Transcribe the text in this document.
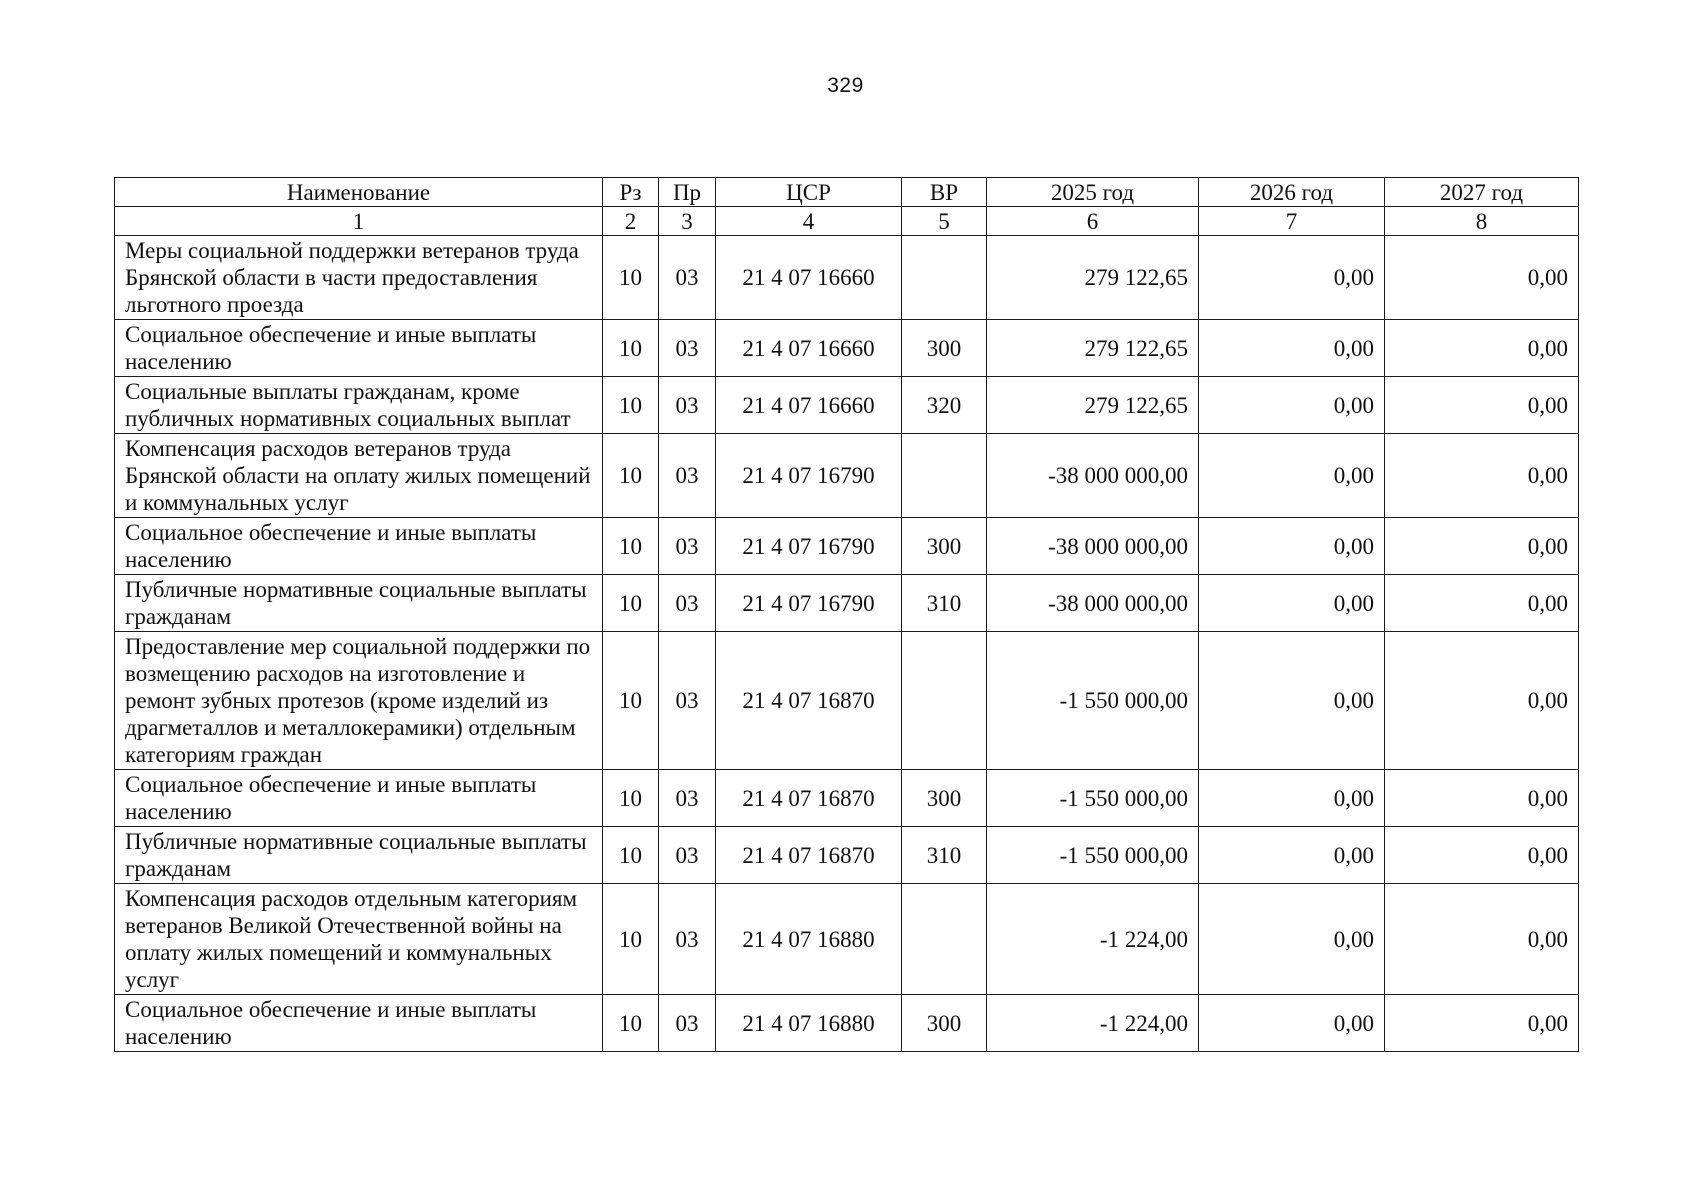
329
Наименование	Рз	Пр	ЦСР	ВР	2025 год	2026 год	2027 год
1	2	3	4	5	6	7	8
Меры социальной поддержки ветеранов труда Брянской области в части предоставления льготного проезда	10	03	21 4 07 16660		279 122,65	0,00	0,00
Социальное обеспечение и иные выплаты населению	10	03	21 4 07 16660	300	279 122,65	0,00	0,00
Социальные выплаты гражданам, кроме публичных нормативных социальных выплат	10	03	21 4 07 16660	320	279 122,65	0,00	0,00
Компенсация расходов ветеранов труда Брянской области на оплату жилых помещений и коммунальных услуг	10	03	21 4 07 16790		-38 000 000,00	0,00	0,00
Социальное обеспечение и иные выплаты населению	10	03	21 4 07 16790	300	-38 000 000,00	0,00	0,00
Публичные нормативные социальные выплаты гражданам	10	03	21 4 07 16790	310	-38 000 000,00	0,00	0,00
Предоставление мер социальной поддержки по возмещению расходов на изготовление и ремонт зубных протезов (кроме изделий из драгметаллов и металлокерамики) отдельным категориям граждан	10	03	21 4 07 16870		-1 550 000,00	0,00	0,00
Социальное обеспечение и иные выплаты населению	10	03	21 4 07 16870	300	-1 550 000,00	0,00	0,00
Публичные нормативные социальные выплаты гражданам	10	03	21 4 07 16870	310	-1 550 000,00	0,00	0,00
Компенсация расходов отдельным категориям ветеранов Великой Отечественной войны на оплату жилых помещений и коммунальных услуг	10	03	21 4 07 16880		-1 224,00	0,00	0,00
Социальное обеспечение и иные выплаты населению	10	03	21 4 07 16880	300	-1 224,00	0,00	0,00
